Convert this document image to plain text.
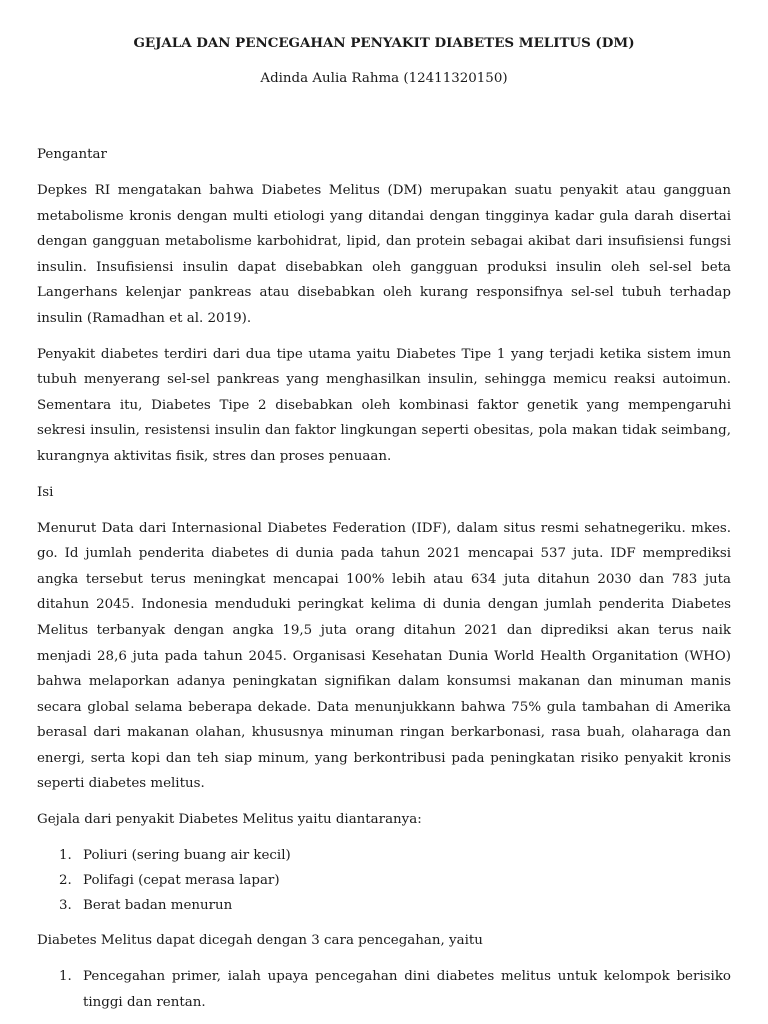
GEJALA DAN PENCEGAHAN PENYAKIT DIABETES MELITUS (DM)

Adinda Aulia Rahma (12411320150)

Pengantar

Depkes RI mengatakan bahwa Diabetes Melitus (DM) merupakan suatu penyakit atau gangguan metabolisme kronis dengan multi etiologi yang ditandai dengan tingginya kadar gula darah disertai dengan gangguan metabolisme karbohidrat, lipid, dan protein sebagai akibat dari insufisiensi fungsi insulin. Insufisiensi insulin dapat disebabkan oleh gangguan produksi insulin oleh sel-sel beta Langerhans kelenjar pankreas atau disebabkan oleh kurang responsifnya sel-sel tubuh terhadap insulin (Ramadhan et al. 2019).

Penyakit diabetes terdiri dari dua tipe utama yaitu Diabetes Tipe 1 yang terjadi ketika sistem imun tubuh menyerang sel-sel pankreas yang menghasilkan insulin, sehingga memicu reaksi autoimun. Sementara itu, Diabetes Tipe 2 disebabkan oleh kombinasi faktor genetik yang mempengaruhi sekresi insulin, resistensi insulin dan faktor lingkungan seperti obesitas, pola makan tidak seimbang, kurangnya aktivitas fisik, stres dan proses penuaan.

Isi

Menurut Data dari Internasional Diabetes Federation (IDF), dalam situs resmi sehatnegeriku. mkes. go. Id jumlah penderita diabetes di dunia pada tahun 2021 mencapai 537 juta. IDF memprediksi angka tersebut terus meningkat mencapai 100% lebih atau 634 juta ditahun 2030 dan 783 juta ditahun 2045. Indonesia menduduki peringkat kelima di dunia dengan jumlah penderita Diabetes Melitus terbanyak dengan angka 19,5 juta orang ditahun 2021 dan diprediksi akan terus naik menjadi 28,6 juta pada tahun 2045. Organisasi Kesehatan Dunia World Health Organitation (WHO) bahwa melaporkan adanya peningkatan signifikan dalam konsumsi makanan dan minuman manis secara global selama beberapa dekade. Data menunjukkann bahwa 75% gula tambahan di Amerika berasal dari makanan olahan, khususnya minuman ringan berkarbonasi, rasa buah, olaharaga dan energi, serta kopi dan teh siap minum, yang berkontribusi pada peningkatan risiko penyakit kronis seperti diabetes melitus.

Gejala dari penyakit Diabetes Melitus yaitu diantaranya:

1. Poliuri (sering buang air kecil)
2. Polifagi (cepat merasa lapar)
3. Berat badan menurun

Diabetes Melitus dapat dicegah dengan 3 cara pencegahan, yaitu

1. Pencegahan primer, ialah upaya pencegahan dini diabetes melitus untuk kelompok berisiko tinggi dan rentan.
